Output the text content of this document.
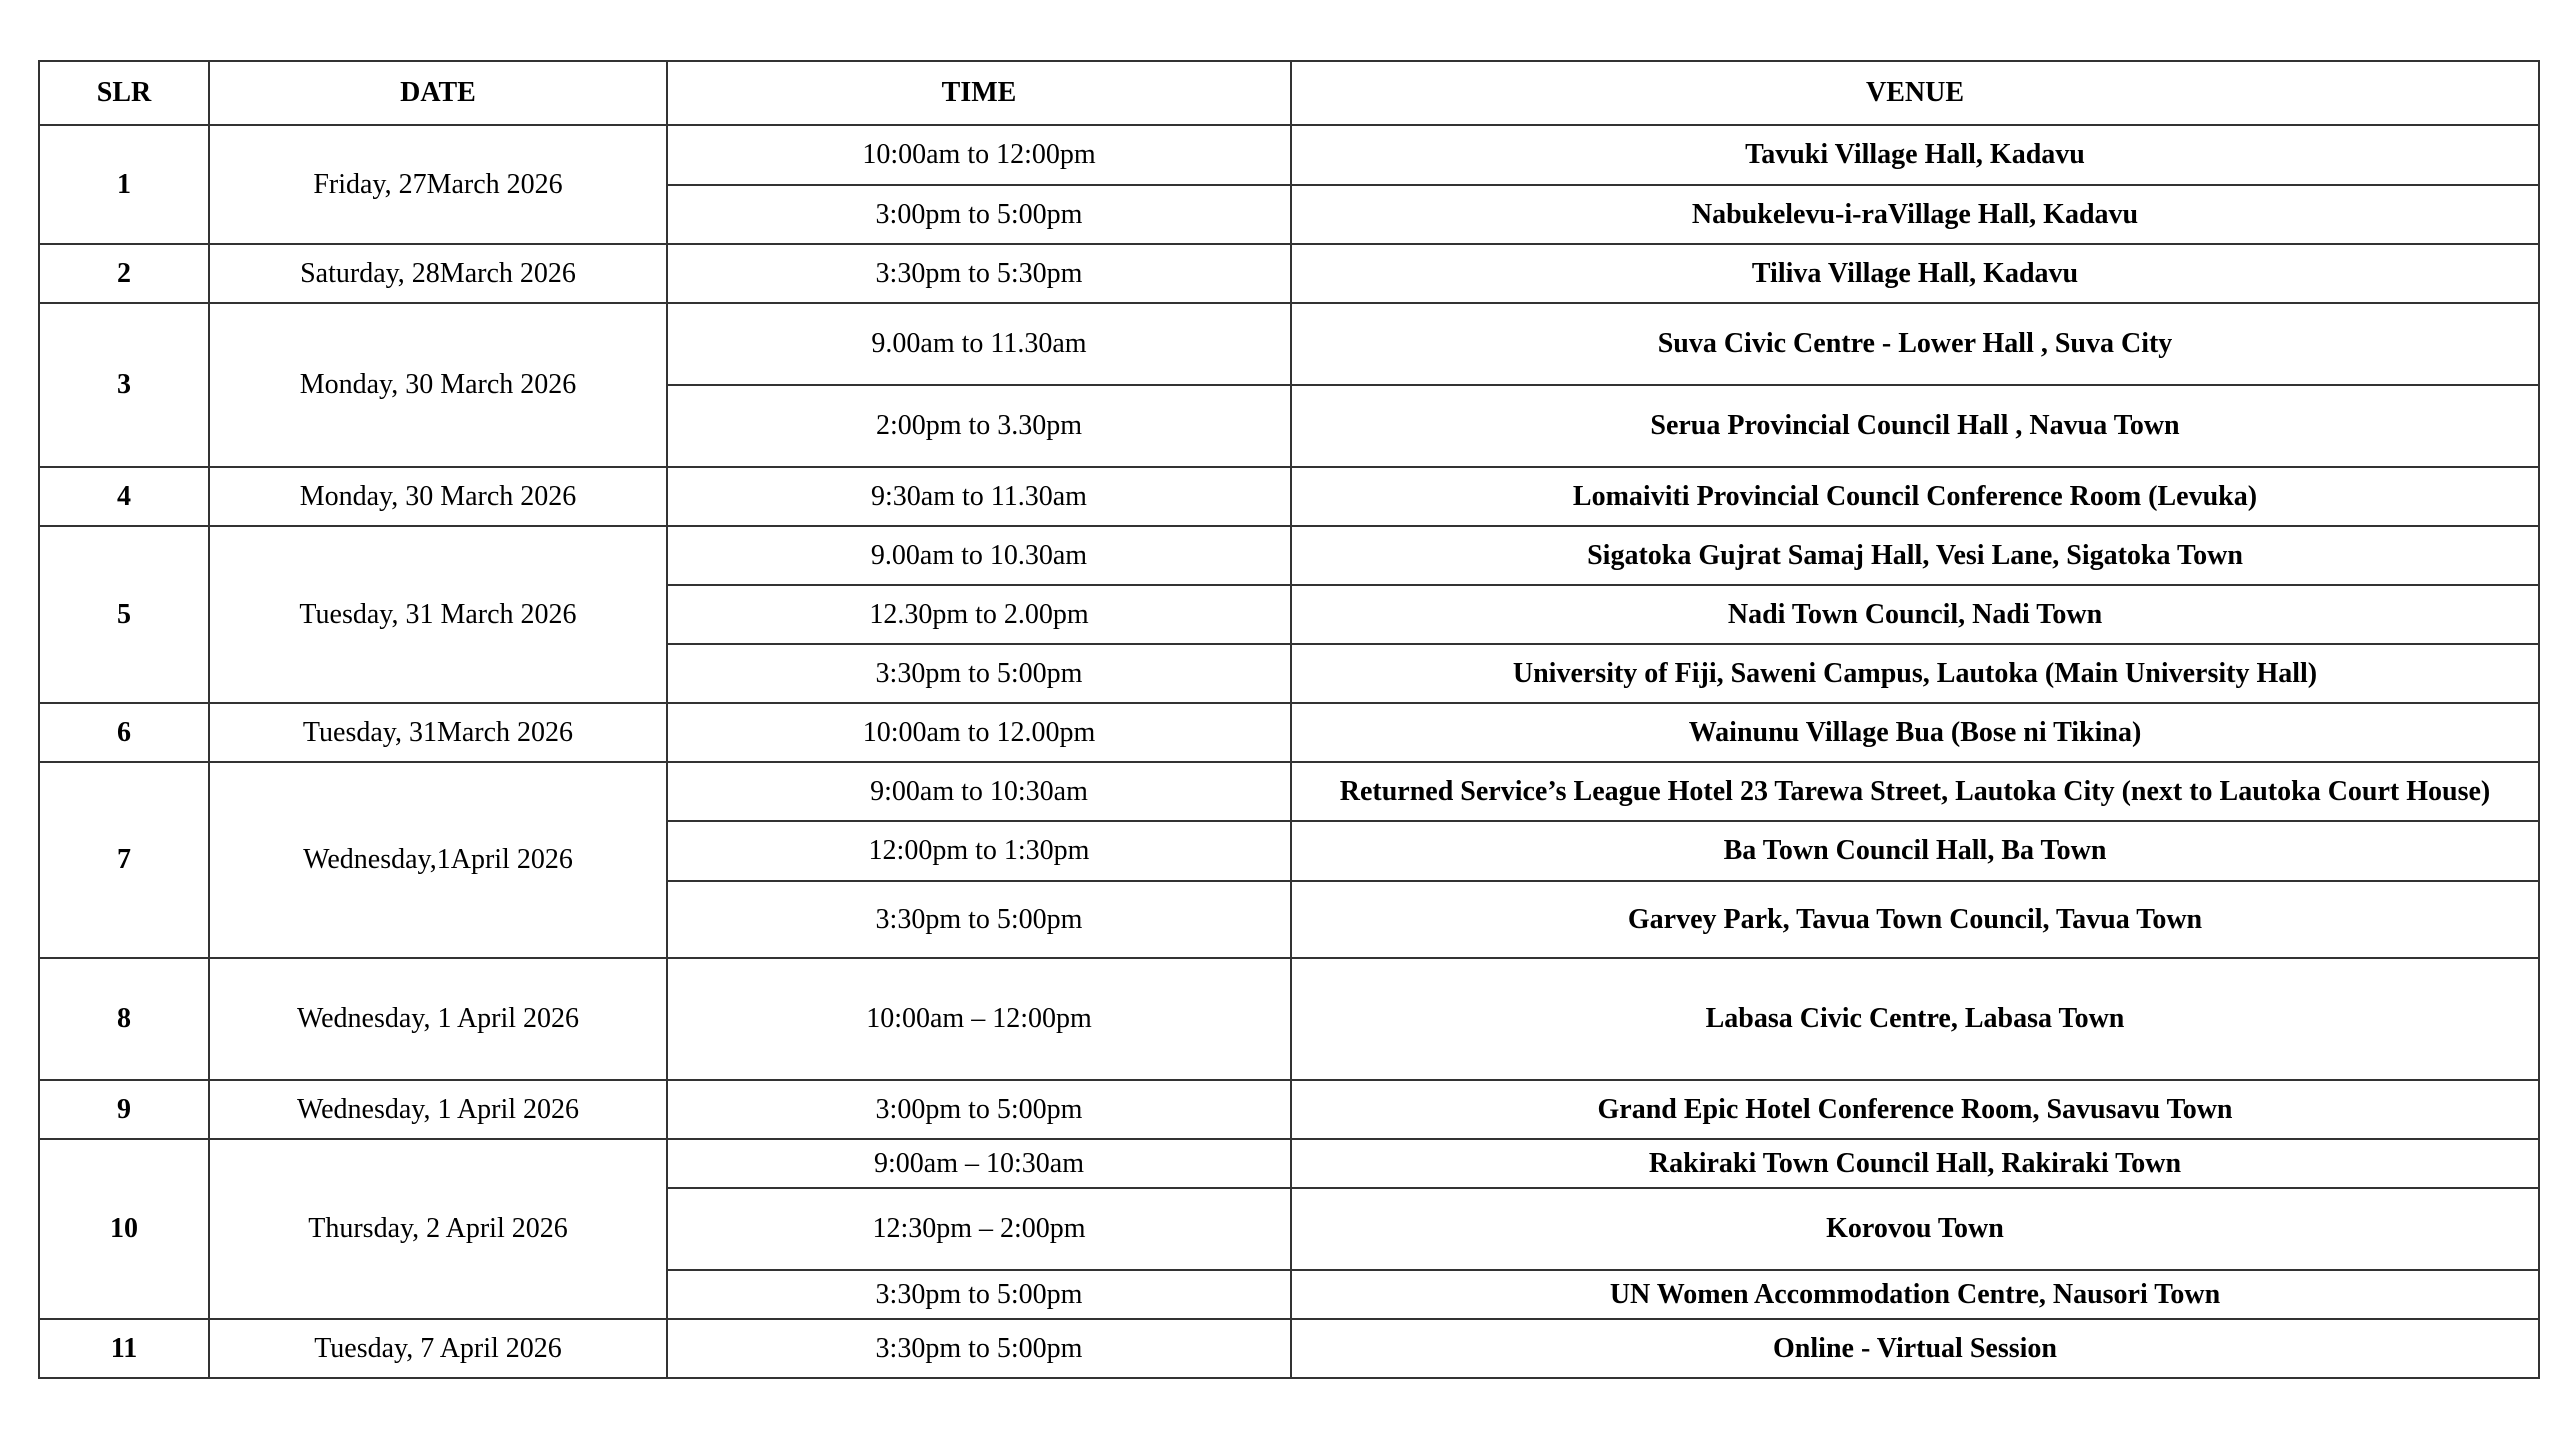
SLR	DATE	TIME	VENUE
1	Friday, 27March 2026	10:00am to 12:00pm	Tavuki Village Hall, Kadavu
		3:00pm to 5:00pm	Nabukelevu-i-raVillage Hall, Kadavu
2	Saturday, 28March 2026	3:30pm to 5:30pm	Tiliva Village Hall, Kadavu
3	Monday, 30 March 2026	9.00am to 11.30am	Suva Civic Centre - Lower Hall , Suva City
		2:00pm to 3.30pm	Serua Provincial Council Hall , Navua Town
4	Monday, 30 March 2026	9:30am to 11.30am	Lomaiviti Provincial Council Conference Room (Levuka)
5	Tuesday, 31 March 2026	9.00am to 10.30am	Sigatoka Gujrat Samaj Hall, Vesi Lane, Sigatoka Town
		12.30pm to 2.00pm	Nadi Town Council, Nadi Town
		3:30pm to 5:00pm	University of Fiji, Saweni Campus, Lautoka (Main University Hall)
6	Tuesday, 31March 2026	10:00am to 12.00pm	Wainunu Village Bua (Bose ni Tikina)
7	Wednesday,1April 2026	9:00am to 10:30am	Returned Service’s League Hotel 23 Tarewa Street, Lautoka City (next to Lautoka Court House)
		12:00pm to 1:30pm	Ba Town Council Hall, Ba Town
		3:30pm to 5:00pm	Garvey Park, Tavua Town Council, Tavua Town
8	Wednesday, 1 April 2026	10:00am – 12:00pm	Labasa Civic Centre, Labasa Town
9	Wednesday, 1 April 2026	3:00pm to 5:00pm	Grand Epic Hotel Conference Room, Savusavu Town
10	Thursday, 2 April 2026	9:00am – 10:30am	Rakiraki Town Council Hall, Rakiraki Town
		12:30pm – 2:00pm	Korovou Town
		3:30pm to 5:00pm	UN Women Accommodation Centre, Nausori Town
11	Tuesday, 7 April 2026	3:30pm to 5:00pm	Online - Virtual Session
